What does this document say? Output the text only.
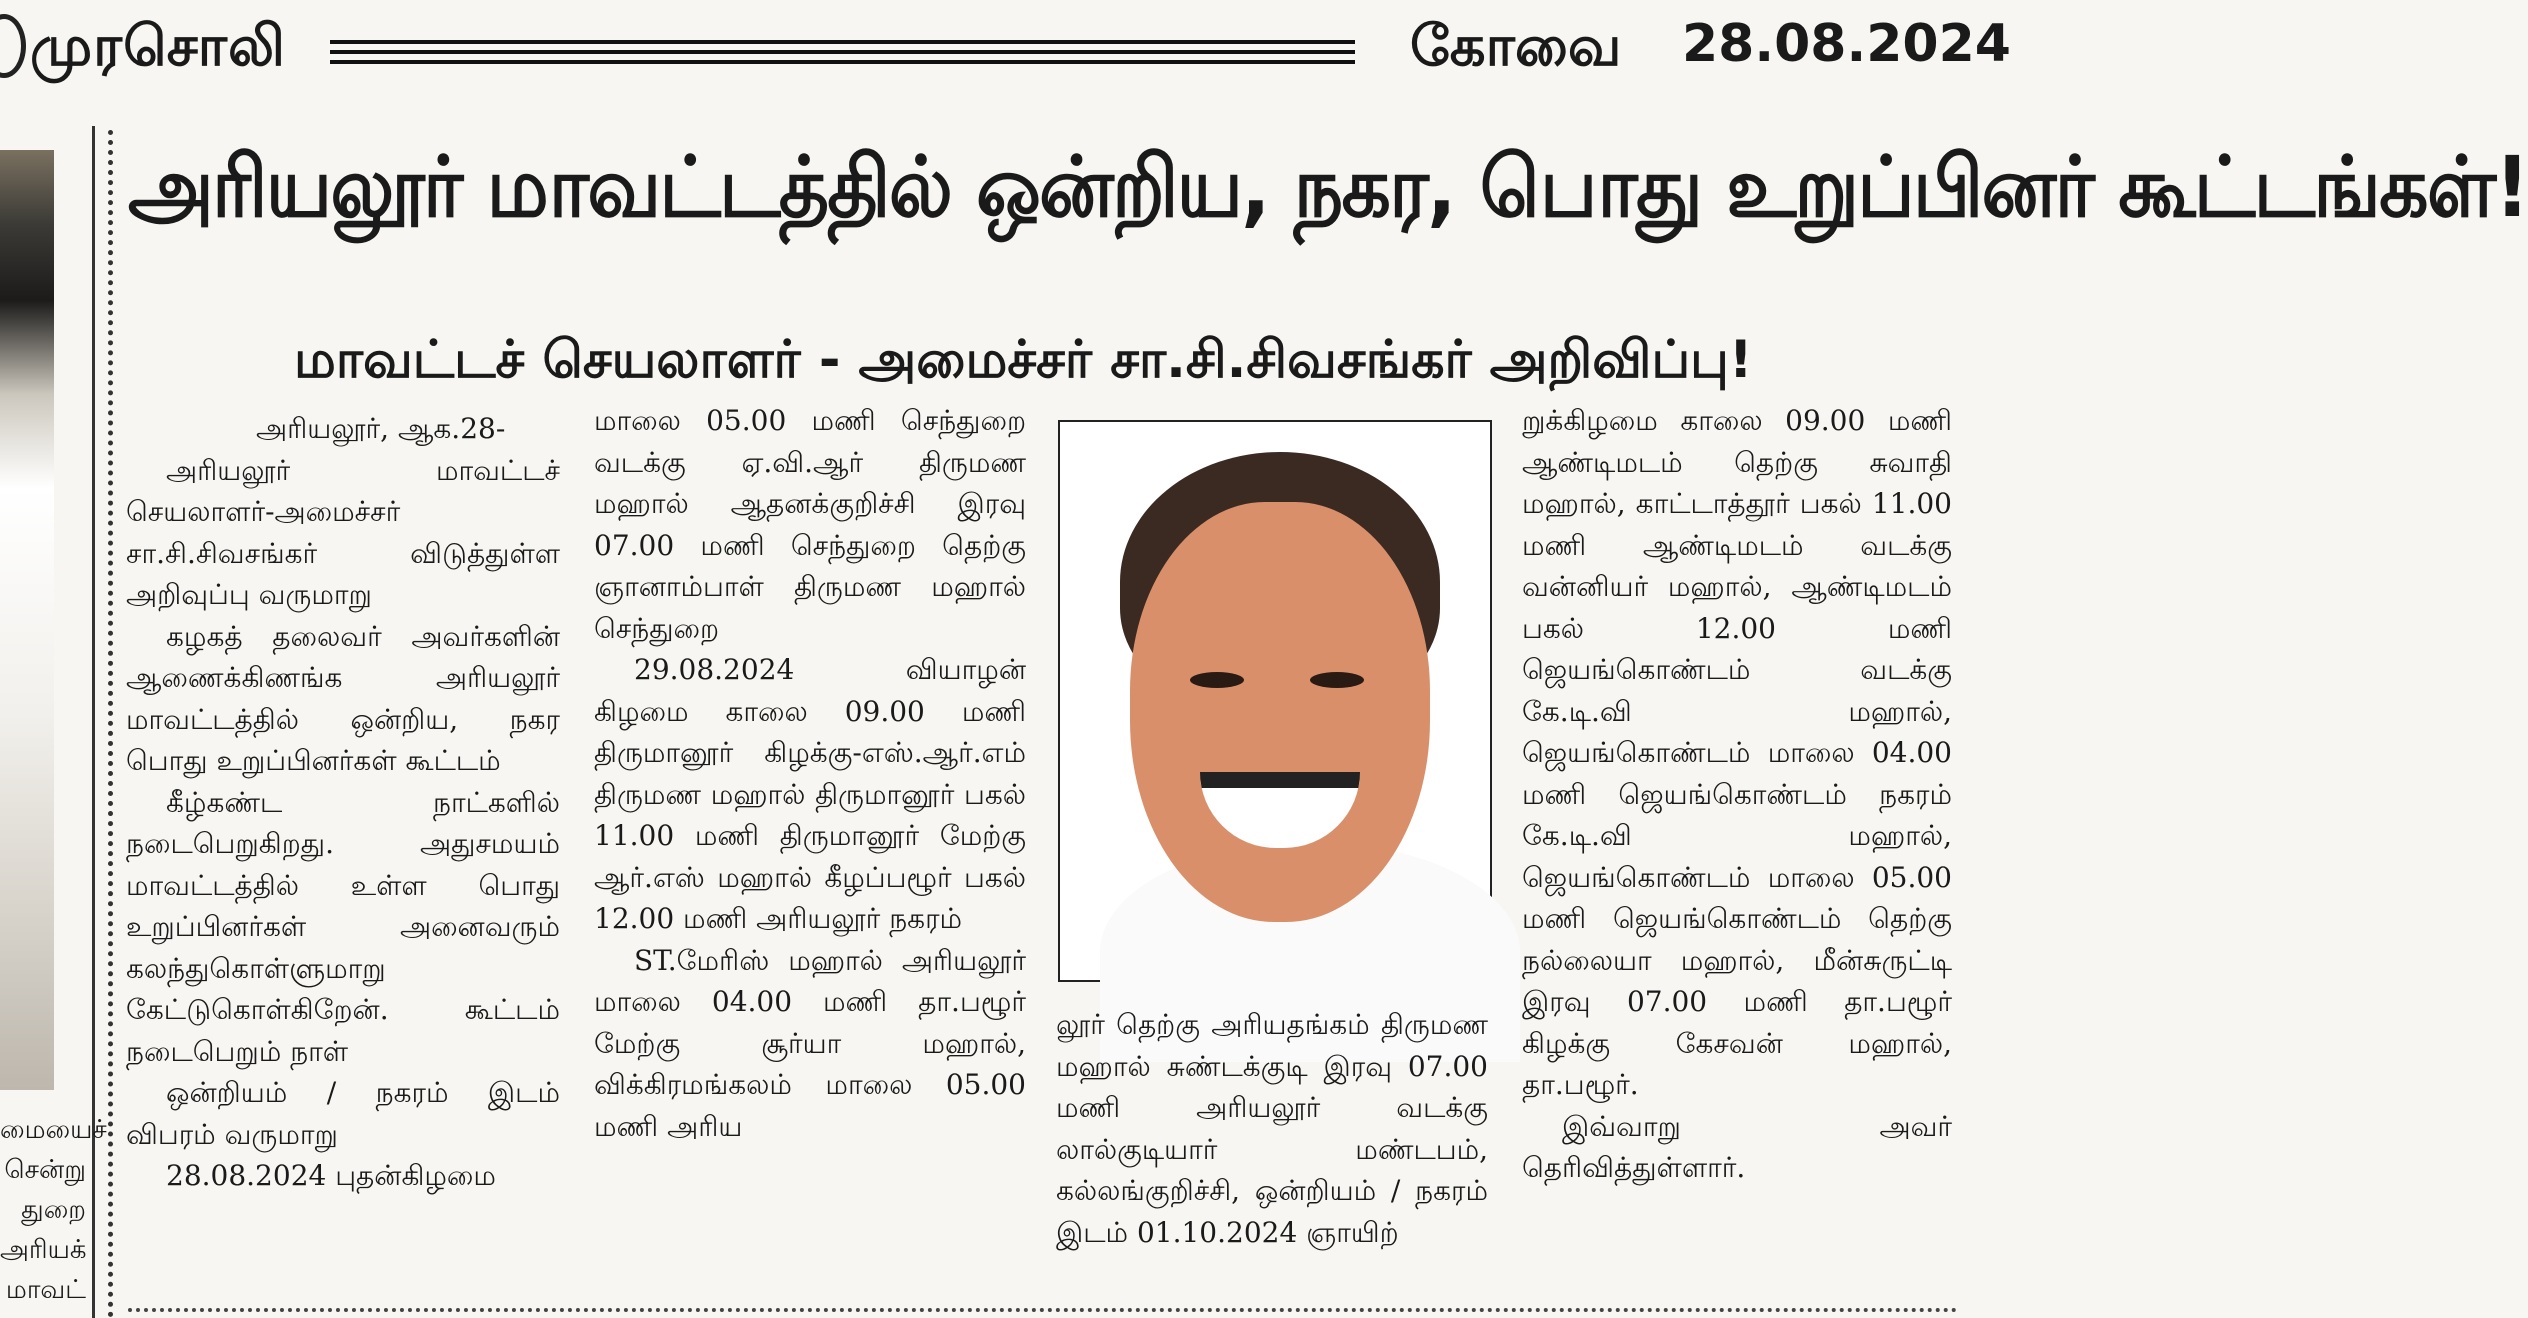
முரசொலி	கோவை 28.08.2024
மையைச்
சென்று
துறை
அரியக்
மாவட்
அரியலூர் மாவட்டத்தில் ஒன்றிய, நகர, பொது உறுப்பினர் கூட்டங்கள்!
மாவட்டச் செயலாளர் - அமைச்சர் சா.சி.சிவசங்கர் அறிவிப்பு!

அரியலூர், ஆக.28-

அரியலூர் மாவட்டச் செயலாளர்-அமைச்சர் சா.சி.சிவசங்கர் விடுத்துள்ள அறிவுப்பு வருமாறு

கழகத் தலைவர் அவர்களின் ஆணைக்கிணங்க அரியலூர் மாவட்டத்தில் ஒன்றிய, நகர பொது உறுப்பினர்கள் கூட்டம்

கீழ்கண்ட நாட்களில் நடைபெறுகிறது. அதுசமயம் மாவட்டத்தில் உள்ள பொது உறுப்பினர்கள் அனைவரும் கலந்துகொள்ளுமாறு கேட்டுகொள்கிறேன். கூட்டம் நடைபெறும் நாள்

ஒன்றியம் / நகரம் இடம் விபரம் வருமாறு

28.08.2024 புதன்கிழமை

மாலை 05.00 மணி செந்துறை வடக்கு ஏ.வி.ஆர் திருமண மஹால் ஆதனக்குறிச்சி இரவு 07.00 மணி செந்துறை தெற்கு ஞானாம்பாள் திருமண மஹால் செந்துறை

29.08.2024 வியாழன் கிழமை காலை 09.00 மணி திருமானூர் கிழக்கு-எஸ்.ஆர்.எம் திருமண மஹால் திருமானூர் பகல் 11.00 மணி திருமானூர் மேற்கு ஆர்.எஸ் மஹால் கீழப்பழூர் பகல் 12.00 மணி அரியலூர் நகரம்

ST.மேரிஸ் மஹால் அரியலூர் மாலை 04.00 மணி தா.பழூர் மேற்கு சூர்யா மஹால், விக்கிரமங்கலம் மாலை 05.00 மணி அரிய

லூர் தெற்கு அரியதங்கம் திருமண மஹால் சுண்டக்குடி இரவு 07.00 மணி அரியலூர் வடக்கு லால்குடியார் மண்டபம், கல்லங்குறிச்சி, ஒன்றியம் / நகரம் இடம் 01.10.2024 ஞாயிற்

றுக்கிழமை காலை 09.00 மணி ஆண்டிமடம் தெற்கு சுவாதி மஹால், காட்டாத்தூர் பகல் 11.00 மணி ஆண்டிமடம் வடக்கு வன்னியர் மஹால், ஆண்டிமடம் பகல் 12.00 மணி ஜெயங்கொண்டம் வடக்கு கே.டி.வி மஹால், ஜெயங்கொண்டம் மாலை 04.00 மணி ஜெயங்கொண்டம் நகரம் கே.டி.வி மஹால், ஜெயங்கொண்டம் மாலை 05.00 மணி ஜெயங்கொண்டம் தெற்கு நல்லையா மஹால், மீன்சுருட்டி இரவு 07.00 மணி தா.பழூர் கிழக்கு கேசவன் மஹால், தா.பழூர்.

இவ்வாறு அவர் தெரிவித்துள்ளார்.
